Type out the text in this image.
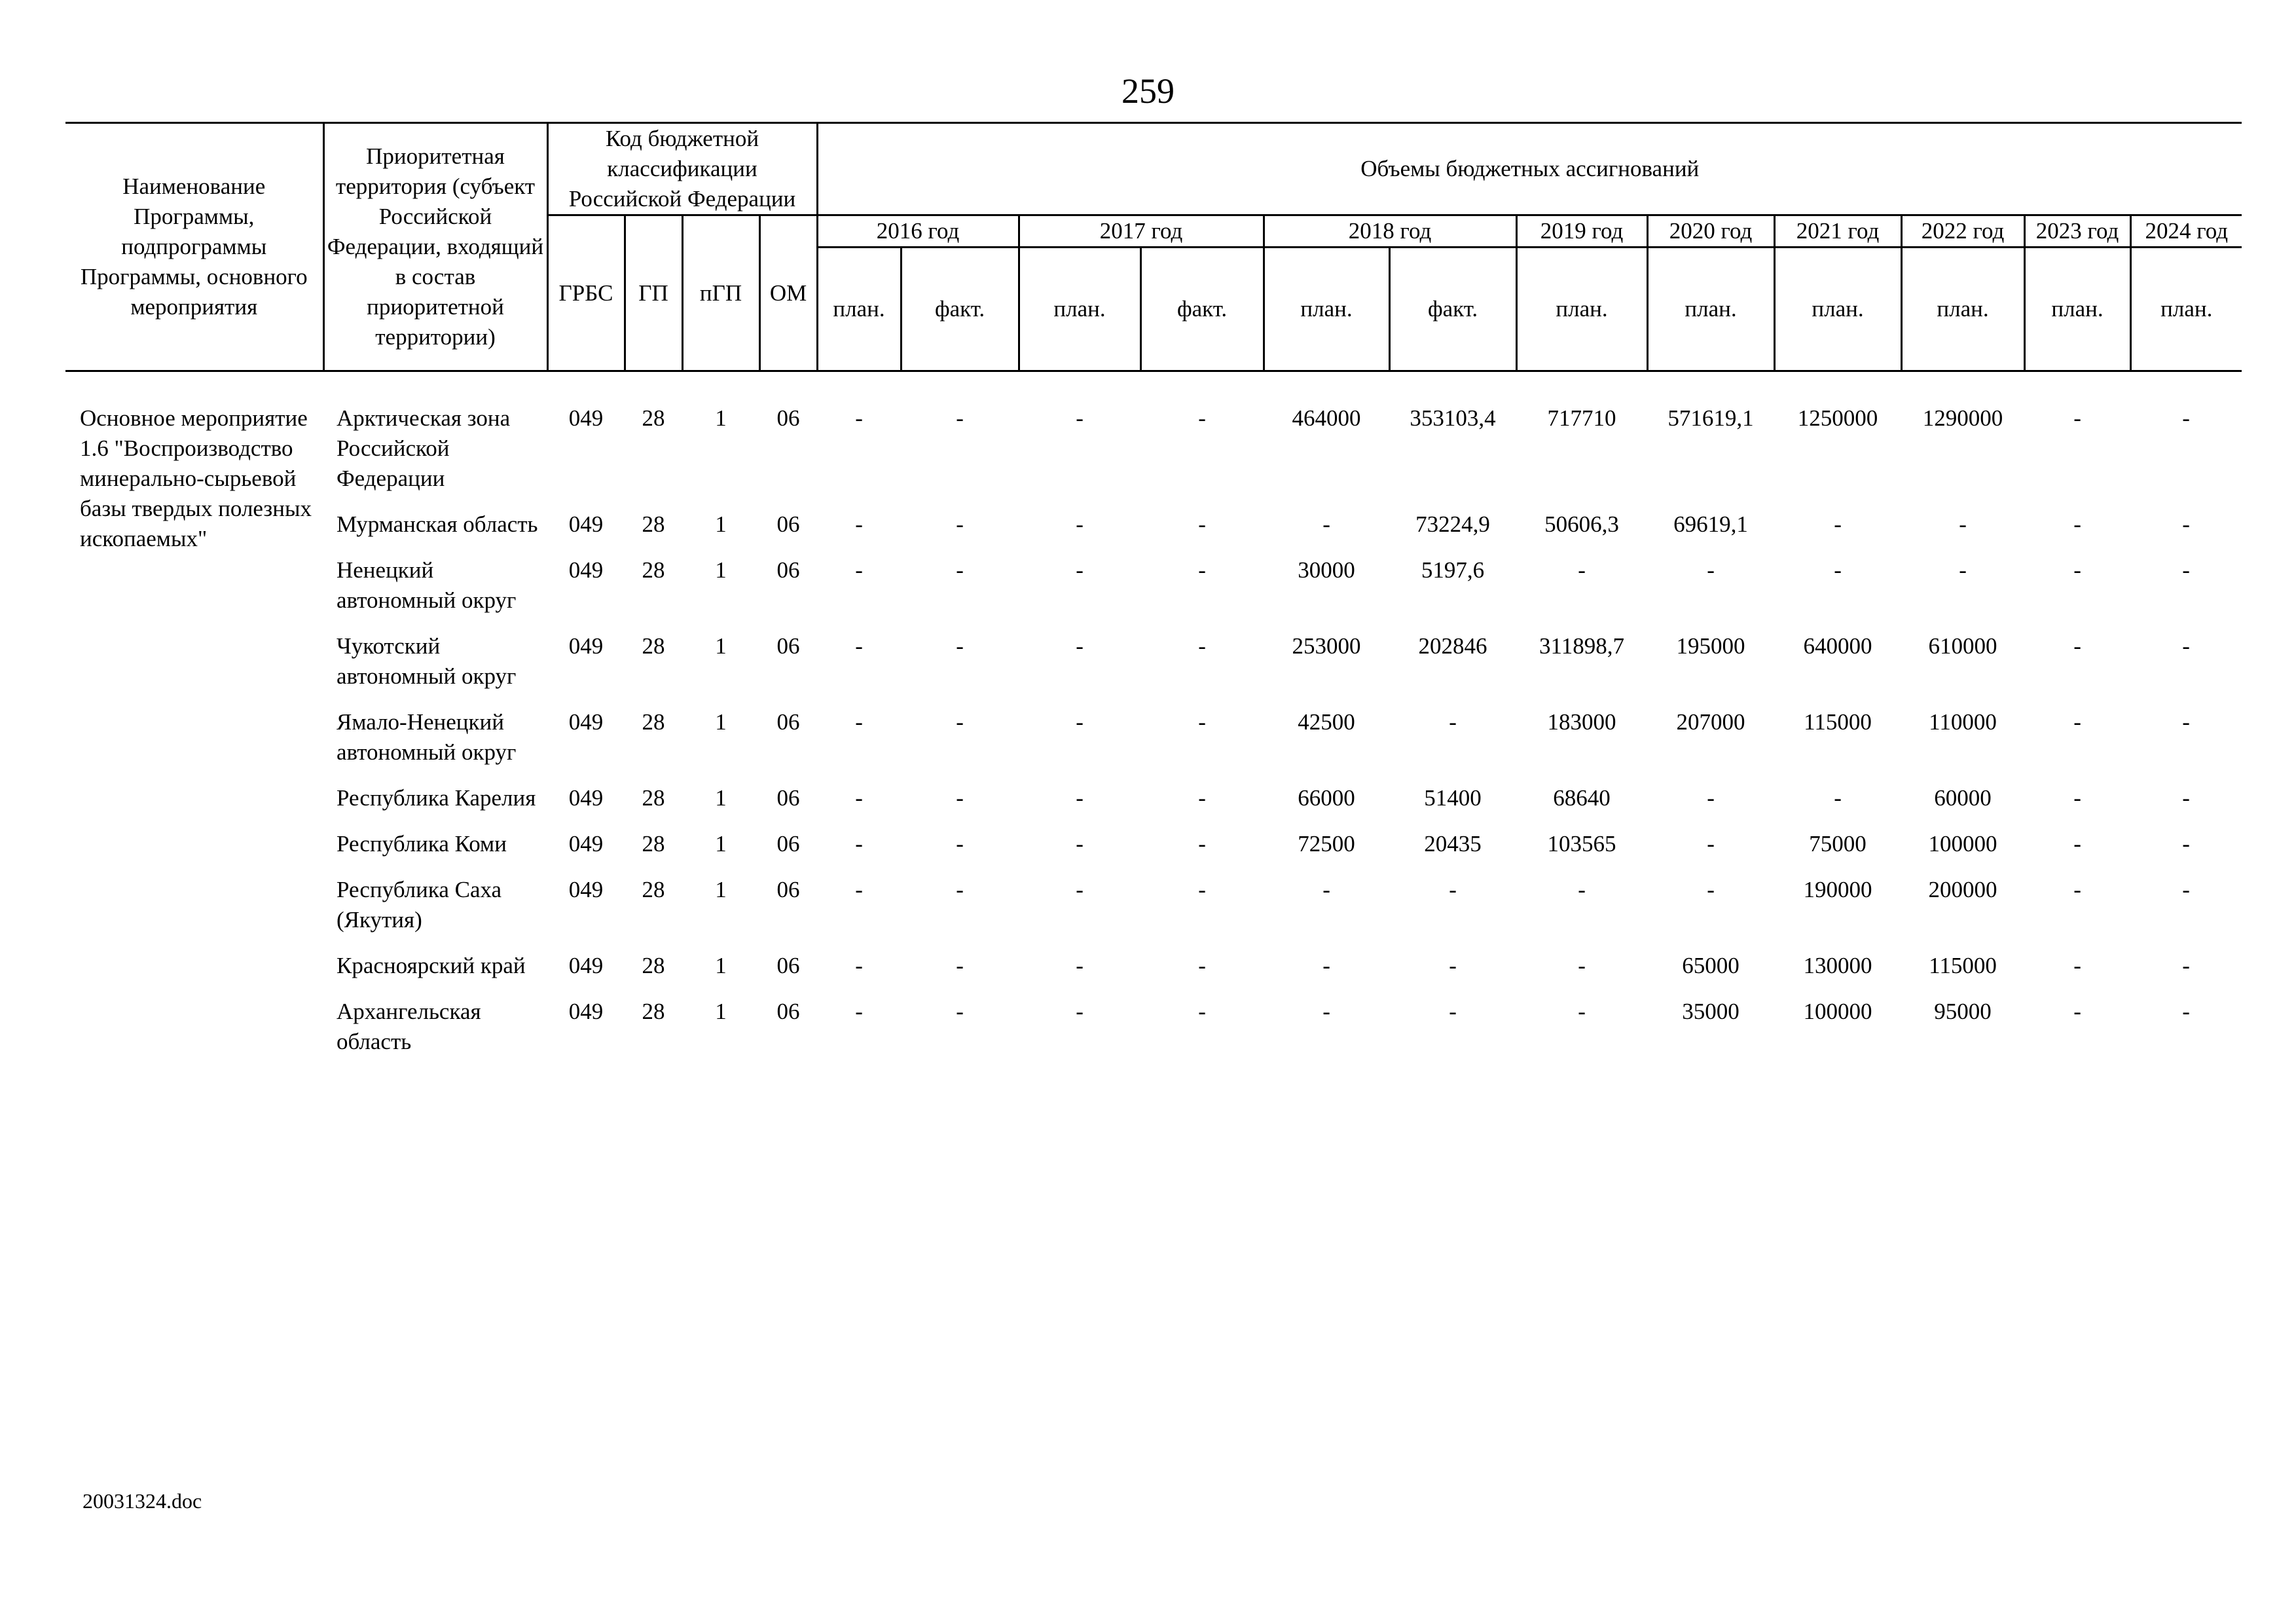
259
Наименование Программы, подпрограммы Программы, основного мероприятия	Приоритетная территория (субъект Российской Федерации, входящий в состав приоритетной территории)	Код бюджетной классификации Российской Федерации				Объемы бюджетных ассигнований											
		ГРБС	ГП	пГП	ОМ	2016 год		2017 год		2018 год		2019 год	2020 год	2021 год	2022 год	2023 год	2024 год
						план.	факт.	план.	факт.	план.	факт.	план.	план.	план.	план.	план.	план.

Основное мероприятие 1.6 "Воспроизводство минерально-сырьевой базы твердых полезных ископаемых"	Арктическая зона Российской Федерации	049	28	1	06	-	-	-	-	464000	353103,4	717710	571619,1	1250000	1290000	-	-
	Мурманская область	049	28	1	06	-	-	-	-	-	73224,9	50606,3	69619,1	-	-	-	-
	Ненецкий автономный округ	049	28	1	06	-	-	-	-	30000	5197,6	-	-	-	-	-	-
	Чукотский автономный округ	049	28	1	06	-	-	-	-	253000	202846	311898,7	195000	640000	610000	-	-
	Ямало-Ненецкий автономный округ	049	28	1	06	-	-	-	-	42500	-	183000	207000	115000	110000	-	-
	Республика Карелия	049	28	1	06	-	-	-	-	66000	51400	68640	-	-	60000	-	-
	Республика Коми	049	28	1	06	-	-	-	-	72500	20435	103565	-	75000	100000	-	-
	Республика Саха (Якутия)	049	28	1	06	-	-	-	-	-	-	-	-	190000	200000	-	-
	Красноярский край	049	28	1	06	-	-	-	-	-	-	-	65000	130000	115000	-	-
	Архангельская область	049	28	1	06	-	-	-	-	-	-	-	35000	100000	95000	-	-
20031324.doc
